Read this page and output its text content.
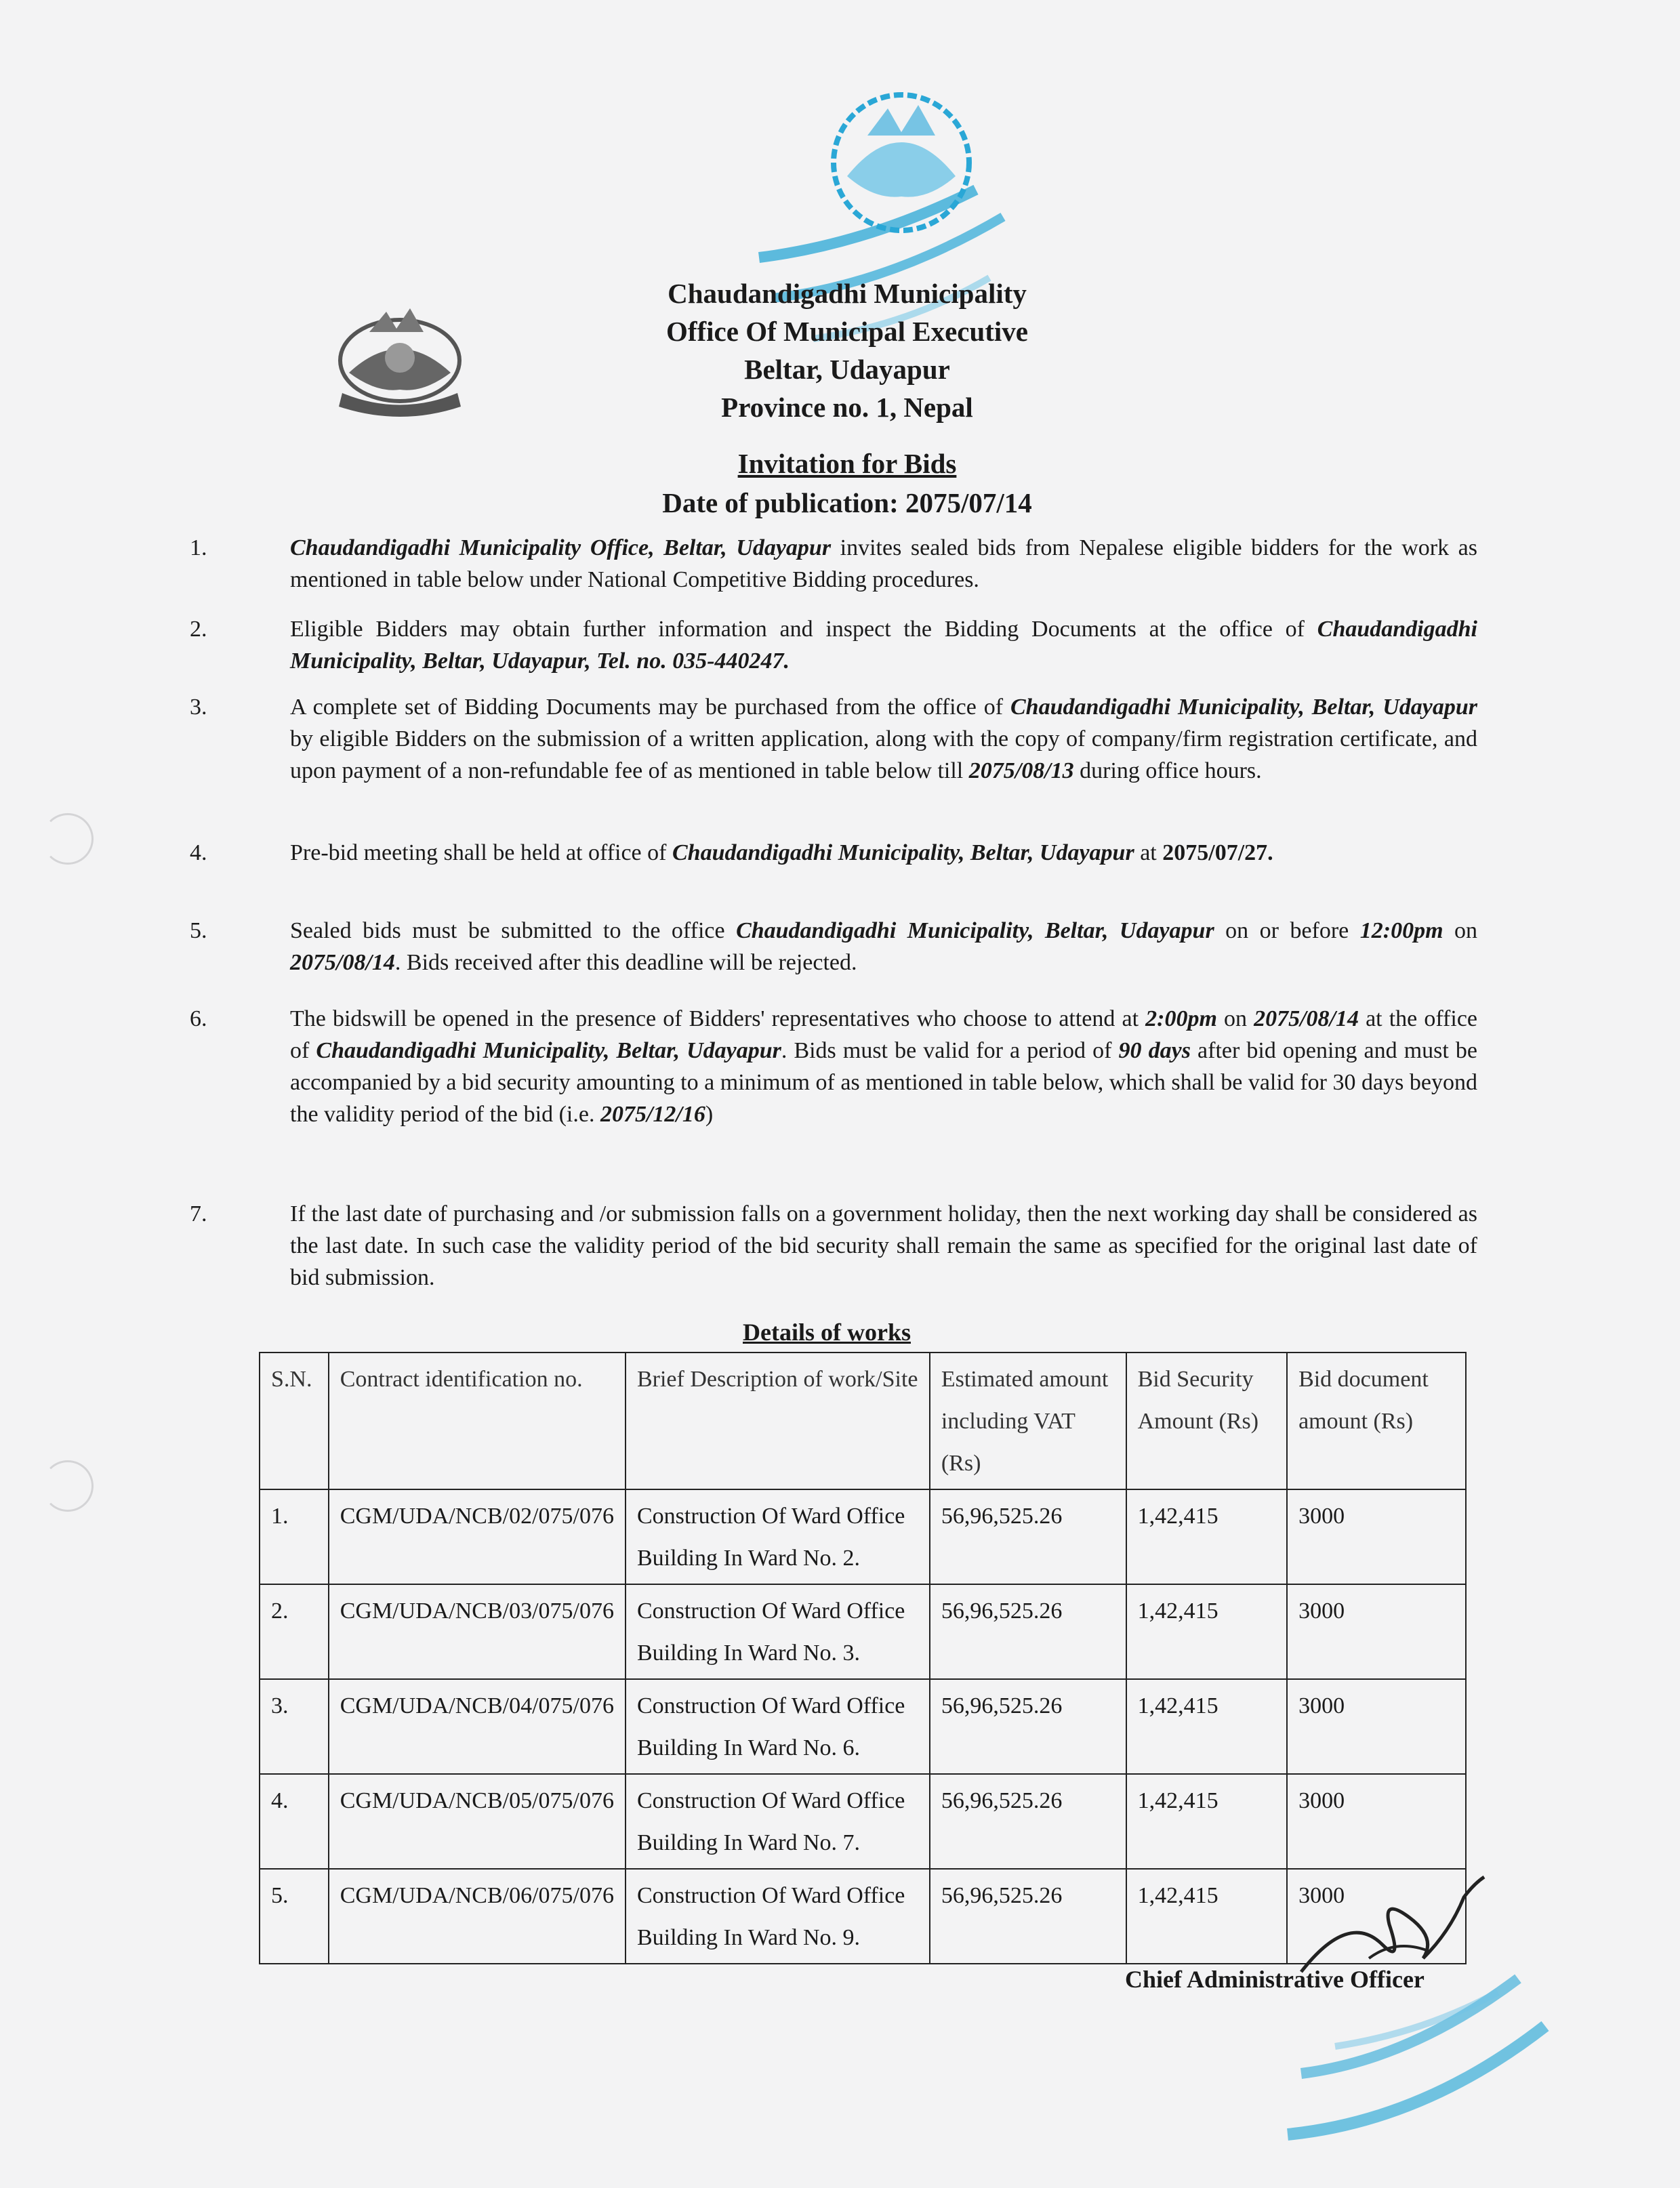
Chaudandigadhi Municipality
Office Of Municipal Executive
Beltar, Udayapur
Province no. 1, Nepal
Invitation for Bids
Date of publication: 2075/07/14
1.	Chaudandigadhi Municipality Office, Beltar, Udayapur invites sealed bids from Nepalese eligible bidders for the work as mentioned in table below under National Competitive Bidding procedures.
2.	Eligible Bidders may obtain further information and inspect the Bidding Documents at the office of Chaudandigadhi Municipality, Beltar, Udayapur, Tel. no. 035-440247.
3.	A complete set of Bidding Documents may be purchased from the office of Chaudandigadhi Municipality, Beltar, Udayapur by eligible Bidders on the submission of a written application, along with the copy of company/firm registration certificate, and upon payment of a non-refundable fee of as mentioned in table below till 2075/08/13 during office hours.
4.	Pre-bid meeting shall be held at office of Chaudandigadhi Municipality, Beltar, Udayapur at 2075/07/27.
5.	Sealed bids must be submitted to the office Chaudandigadhi Municipality, Beltar, Udayapur on or before 12:00pm on 2075/08/14. Bids received after this deadline will be rejected.
6.	The bidswill be opened in the presence of Bidders' representatives who choose to attend at 2:00pm on 2075/08/14 at the office of Chaudandigadhi Municipality, Beltar, Udayapur. Bids must be valid for a period of 90 days after bid opening and must be accompanied by a bid security amounting to a minimum of as mentioned in table below, which shall be valid for 30 days beyond the validity period of the bid (i.e. 2075/12/16)
7.	If the last date of purchasing and /or submission falls on a government holiday, then the next working day shall be considered as the last date. In such case the validity period of the bid security shall remain the same as specified for the original last date of bid submission.
Details of works
S.N.	Contract identification no.	Brief Description of work/Site	Estimated amount including VAT (Rs)	Bid Security Amount (Rs)	Bid document amount (Rs)
1.	CGM/UDA/NCB/02/075/076	Construction Of Ward Office Building In Ward No. 2.	56,96,525.26	1,42,415	3000
2.	CGM/UDA/NCB/03/075/076	Construction Of Ward Office Building In Ward No. 3.	56,96,525.26	1,42,415	3000
3.	CGM/UDA/NCB/04/075/076	Construction Of Ward Office Building In Ward No. 6.	56,96,525.26	1,42,415	3000
4.	CGM/UDA/NCB/05/075/076	Construction Of Ward Office Building In Ward No. 7.	56,96,525.26	1,42,415	3000
5.	CGM/UDA/NCB/06/075/076	Construction Of Ward Office Building In Ward No. 9.	56,96,525.26	1,42,415	3000
Chief Administrative Officer
